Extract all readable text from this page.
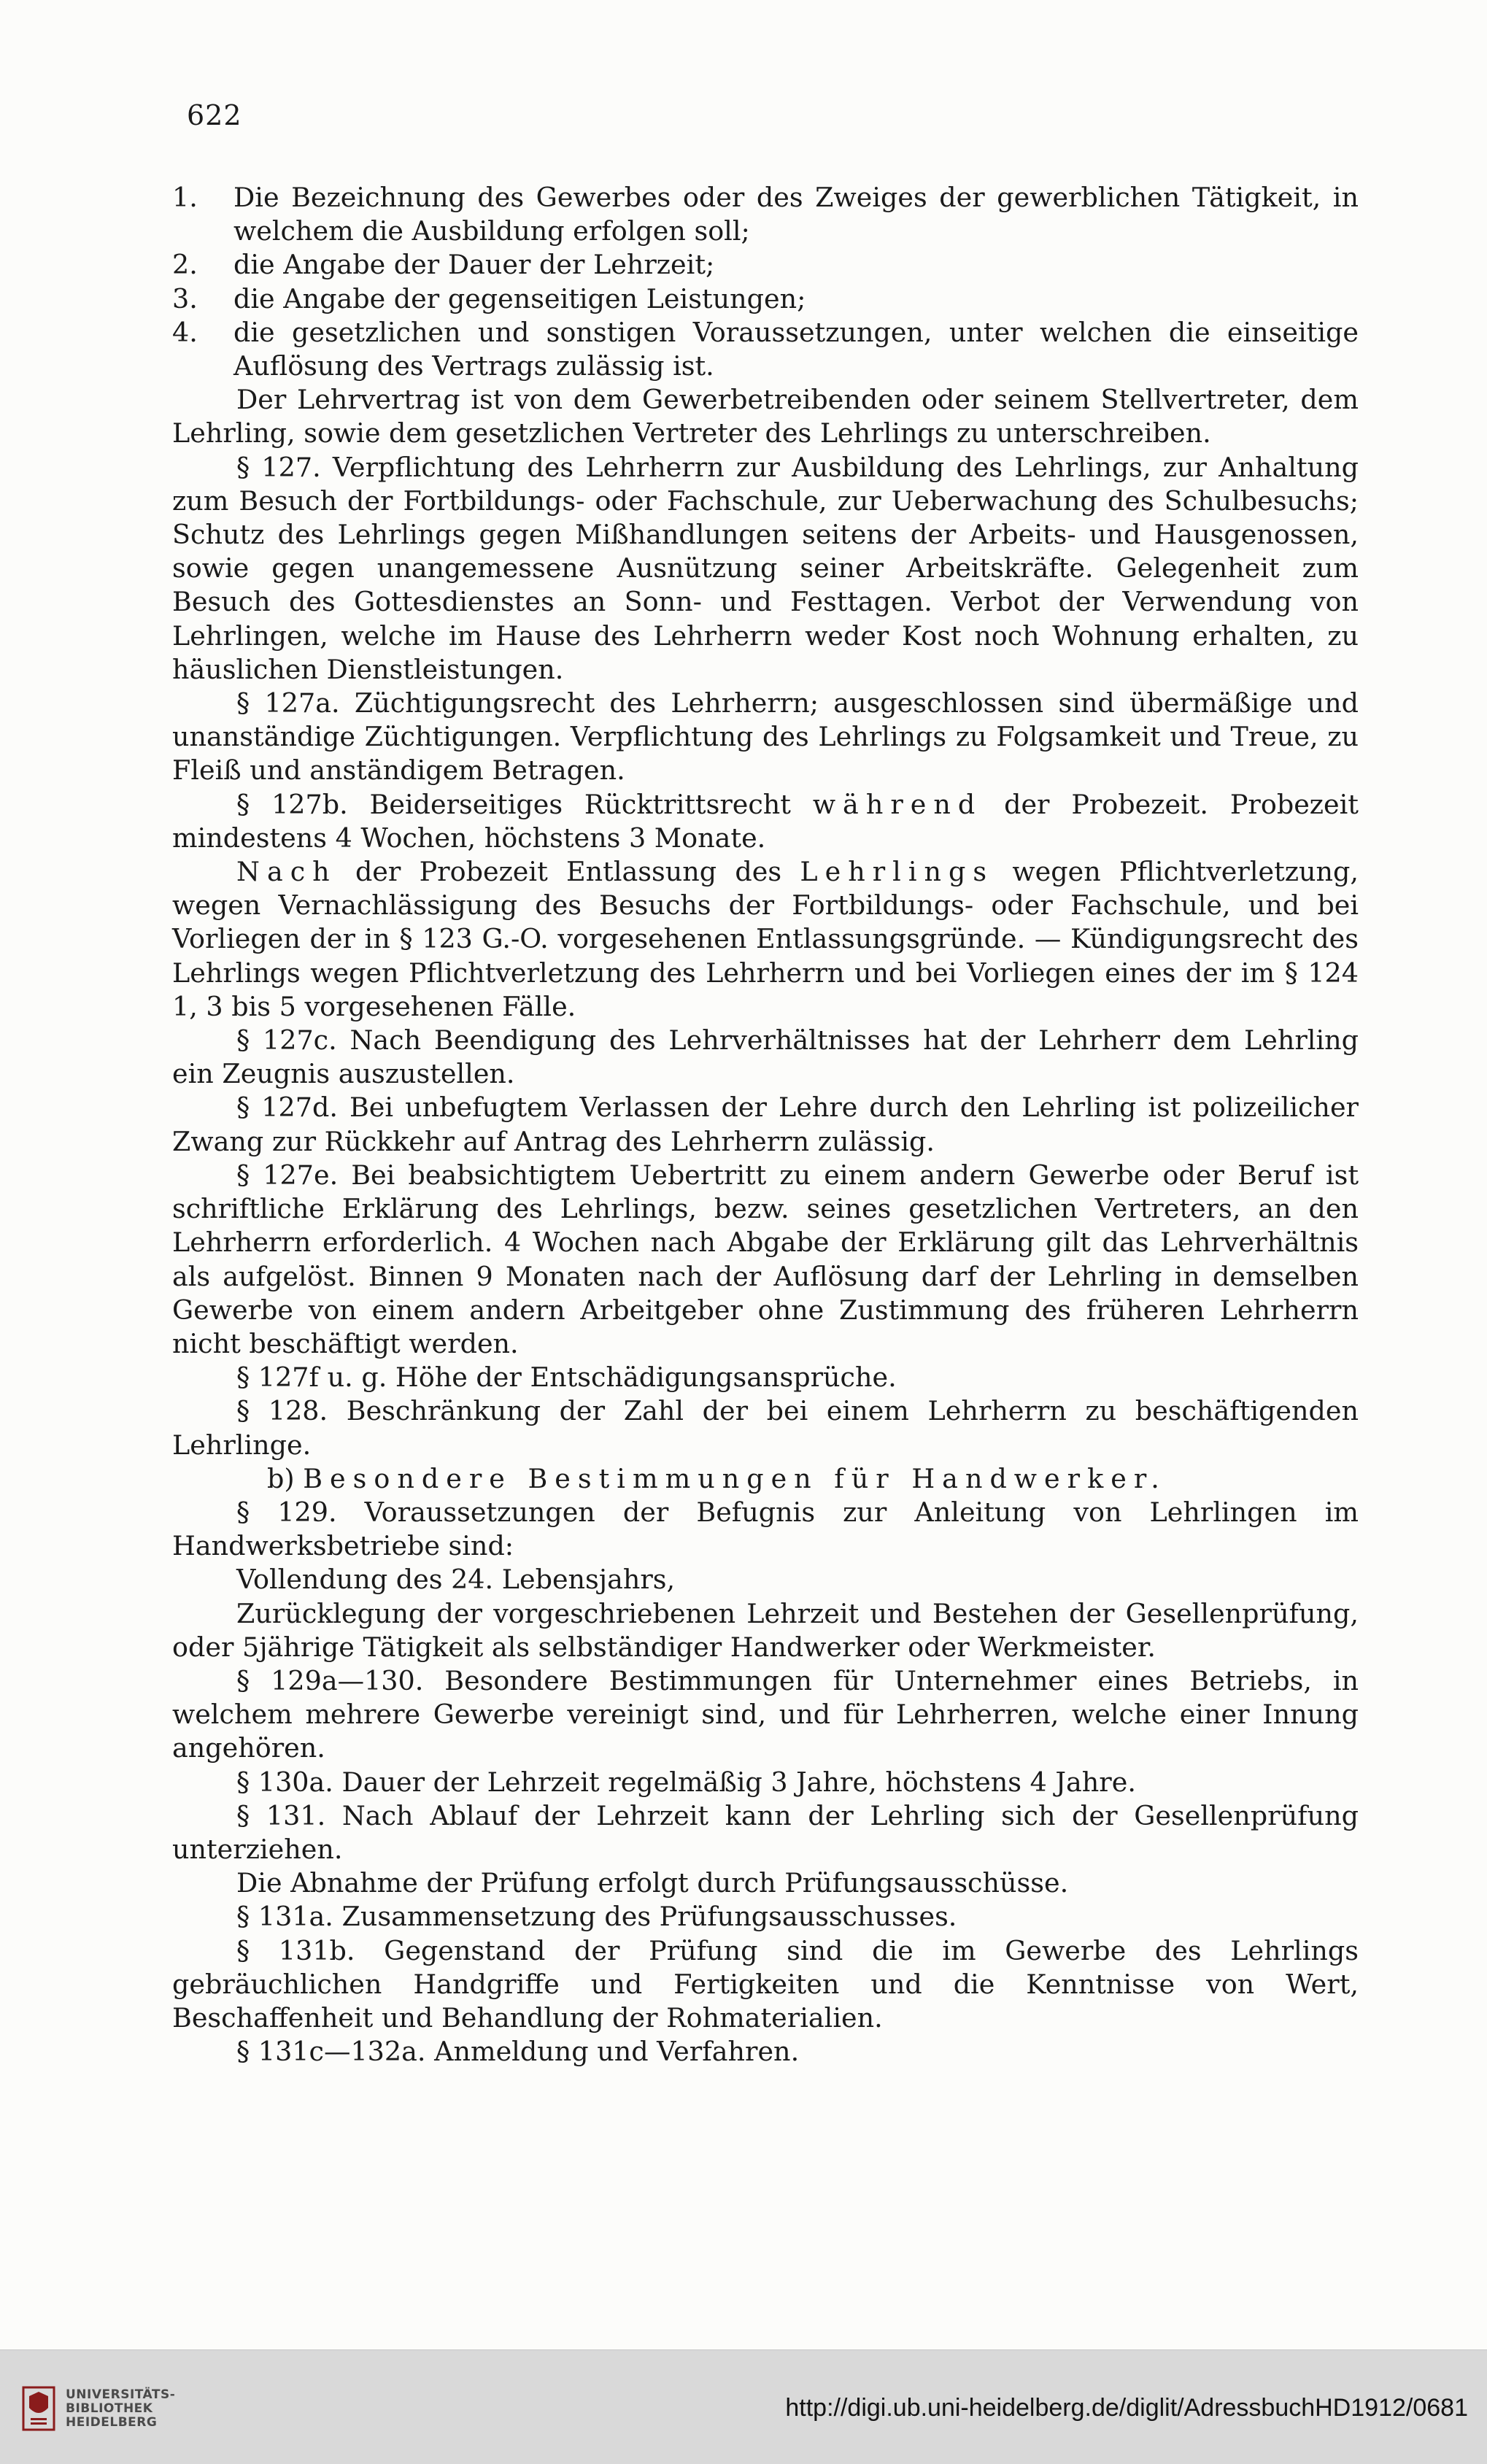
622
1.	Die Bezeichnung des Gewerbes oder des Zweiges der gewerblichen Tätigkeit, in welchem die Ausbildung erfolgen soll;
2.	die Angabe der Dauer der Lehrzeit;
3.	die Angabe der gegenseitigen Leistungen;
4.	die gesetzlichen und sonstigen Voraussetzungen, unter welchen die einseitige Auflösung des Vertrags zulässig ist.

Der Lehrvertrag ist von dem Gewerbetreibenden oder seinem Stellvertreter, dem Lehrling, sowie dem gesetzlichen Vertreter des Lehrlings zu unterschreiben.

§ 127. Verpflichtung des Lehrherrn zur Ausbildung des Lehrlings, zur Anhaltung zum Besuch der Fortbildungs- oder Fachschule, zur Ueberwachung des Schulbesuchs; Schutz des Lehrlings gegen Mißhandlungen seitens der Arbeits- und Hausgenossen, sowie gegen unangemessene Ausnützung seiner Arbeitskräfte. Gelegenheit zum Besuch des Gottesdienstes an Sonn- und Festtagen. Verbot der Verwendung von Lehrlingen, welche im Hause des Lehrherrn weder Kost noch Wohnung erhalten, zu häuslichen Dienstleistungen.

§ 127a. Züchtigungsrecht des Lehrherrn; ausgeschlossen sind übermäßige und unanständige Züchtigungen. Verpflichtung des Lehrlings zu Folgsamkeit und Treue, zu Fleiß und anständigem Betragen.

§ 127b. Beiderseitiges Rücktrittsrecht während der Probezeit. Probezeit mindestens 4 Wochen, höchstens 3 Monate.

Nach der Probezeit Entlassung des Lehrlings wegen Pflichtverletzung, wegen Vernachlässigung des Besuchs der Fortbildungs- oder Fachschule, und bei Vorliegen der in § 123 G.-O. vorgesehenen Entlassungsgründe. — Kündigungsrecht des Lehrlings wegen Pflichtverletzung des Lehrherrn und bei Vorliegen eines der im § 124 1, 3 bis 5 vorgesehenen Fälle.

§ 127c. Nach Beendigung des Lehrverhältnisses hat der Lehrherr dem Lehrling ein Zeugnis auszustellen.

§ 127d. Bei unbefugtem Verlassen der Lehre durch den Lehrling ist polizeilicher Zwang zur Rückkehr auf Antrag des Lehrherrn zulässig.

§ 127e. Bei beabsichtigtem Uebertritt zu einem andern Gewerbe oder Beruf ist schriftliche Erklärung des Lehrlings, bezw. seines gesetzlichen Vertreters, an den Lehrherrn erforderlich. 4 Wochen nach Abgabe der Erklärung gilt das Lehrverhältnis als aufgelöst. Binnen 9 Monaten nach der Auflösung darf der Lehrling in demselben Gewerbe von einem andern Arbeitgeber ohne Zustimmung des früheren Lehrherrn nicht beschäftigt werden.

§ 127f u. g. Höhe der Entschädigungsansprüche.

§ 128. Beschränkung der Zahl der bei einem Lehrherrn zu beschäftigenden Lehrlinge.

b) Besondere Bestimmungen für Handwerker.

§ 129. Voraussetzungen der Befugnis zur Anleitung von Lehrlingen im Handwerksbetriebe sind:

Vollendung des 24. Lebensjahrs,

Zurücklegung der vorgeschriebenen Lehrzeit und Bestehen der Gesellenprüfung, oder 5jährige Tätigkeit als selbständiger Handwerker oder Werkmeister.

§ 129a—130. Besondere Bestimmungen für Unternehmer eines Betriebs, in welchem mehrere Gewerbe vereinigt sind, und für Lehrherren, welche einer Innung angehören.

§ 130a. Dauer der Lehrzeit regelmäßig 3 Jahre, höchstens 4 Jahre.

§ 131. Nach Ablauf der Lehrzeit kann der Lehrling sich der Gesellenprüfung unterziehen.

Die Abnahme der Prüfung erfolgt durch Prüfungsausschüsse.

§ 131a. Zusammensetzung des Prüfungsausschusses.

§ 131b. Gegenstand der Prüfung sind die im Gewerbe des Lehrlings gebräuchlichen Handgriffe und Fertigkeiten und die Kenntnisse von Wert, Beschaffenheit und Behandlung der Rohmaterialien.

§ 131c—132a. Anmeldung und Verfahren.

UNIVERSITÄTS-
BIBLIOTHEK
HEIDELBERG
http://digi.ub.uni-heidelberg.de/diglit/AdressbuchHD1912/0681
